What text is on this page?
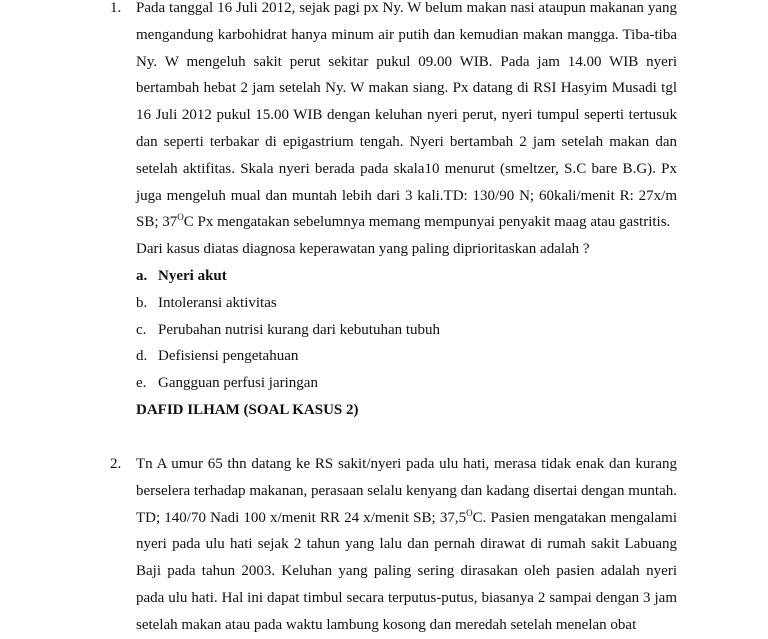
1. Pada tanggal 16 Juli 2012, sejak pagi px Ny. W belum makan nasi ataupun makanan yang mengandung karbohidrat hanya minum air putih dan kemudian makan mangga. Tiba-tiba Ny. W mengeluh sakit perut sekitar pukul 09.00 WIB. Pada jam 14.00 WIB nyeri bertambah hebat 2 jam setelah Ny. W makan siang. Px datang di RSI Hasyim Musadi tgl 16 Juli 2012 pukul 15.00 WIB dengan keluhan nyeri perut, nyeri tumpul seperti tertusuk dan seperti terbakar di epigastrium tengah. Nyeri bertambah 2 jam setelah makan dan setelah aktifitas. Skala nyeri berada pada skala10 menurut (smeltzer, S.C bare B.G). Px juga mengeluh mual dan muntah lebih dari 3 kali.TD: 130/90 N; 60kali/menit R: 27x/m SB; $37^OC$ Px mengatakan sebelumnya memang mempunyai penyakit maag atau gastritis.
Dari kasus diatas diagnosa keperawatan yang paling diprioritaskan adalah ?
a. Nyeri akut
b. Intoleransi aktivitas
c. Perubahan nutrisi kurang dari kebutuhan tubuh
d. Defisiensi pengetahuan
e. Gangguan perfusi jaringan
DAFID ILHAM (SOAL KASUS 2)
2. Tn A umur 65 thn datang ke RS sakit/nyeri pada ulu hati, merasa tidak enak dan kurang berselera terhadap makanan, perasaan selalu kenyang dan kadang disertai dengan muntah. TD; 140/70 Nadi 100 x/menit RR 24 x/menit SB; $37,5^OC$. Pasien mengatakan mengalami nyeri pada ulu hati sejak 2 tahun yang lalu dan pernah dirawat di rumah sakit Labuang Baji pada tahun 2003. Keluhan yang paling sering dirasakan oleh pasien adalah nyeri pada ulu hati. Hal ini dapat timbul secara terputus-putus, biasanya 2 sampai dengan 3 jam setelah makan atau pada waktu lambung kosong dan meredah setelah menelan obat
